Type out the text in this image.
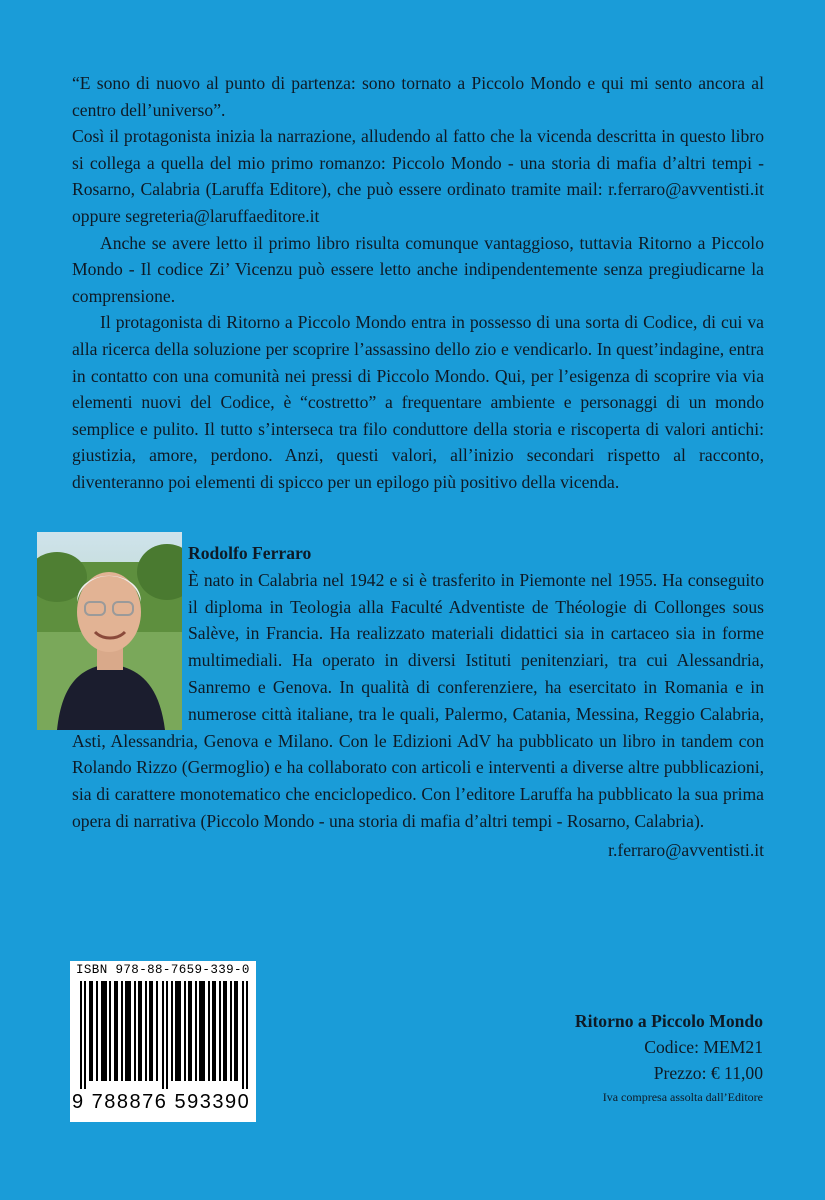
“E sono di nuovo al punto di partenza: sono tornato a Piccolo Mondo e qui mi sento ancora al centro dell’universo”.

Così il protagonista inizia la narrazione, alludendo al fatto che la vicenda descritta in questo libro si collega a quella del mio primo romanzo: Piccolo Mondo - una storia di mafia d’altri tempi - Rosarno, Calabria (Laruffa Editore), che può essere ordinato tramite mail: r.ferraro@avventisti.it oppure segreteria@laruffaeditore.it

Anche se avere letto il primo libro risulta comunque vantaggioso, tuttavia Ritorno a Piccolo Mondo - Il codice Zi’ Vicenzu può essere letto anche indipendentemente senza pregiudicarne la comprensione.

Il protagonista di Ritorno a Piccolo Mondo entra in possesso di una sorta di Codice, di cui va alla ricerca della soluzione per scoprire l’assassino dello zio e vendicarlo. In quest’indagine, entra in contatto con una comunità nei pressi di Piccolo Mondo. Qui, per l’esigenza di scoprire via via elementi nuovi del Codice, è “costretto” a frequentare ambiente e personaggi di un mondo semplice e pulito. Il tutto s’interseca tra filo conduttore della storia e riscoperta di valori antichi: giustizia, amore, perdono. Anzi, questi valori, all’inizio secondari rispetto al racconto, diventeranno poi elementi di spicco per un epilogo più positivo della vicenda.

Rodolfo Ferraro

È nato in Calabria nel 1942 e si è trasferito in Piemonte nel 1955. Ha conseguito il diploma in Teologia alla Faculté Adventiste de Théologie di Collonges sous Salève, in Francia. Ha realizzato materiali didattici sia in cartaceo sia in forme multimediali. Ha operato in diversi Istituti penitenziari, tra cui Alessandria, Sanremo e Genova. In qualità di conferenziere, ha esercitato in Romania e in numerose città italiane, tra le quali, Palermo, Catania, Messina, Reggio Calabria, Asti, Alessandria, Genova e Milano. Con le Edizioni AdV ha pubblicato un libro in tandem con Rolando Rizzo (Germoglio) e ha collaborato con articoli e interventi a diverse altre pubblicazioni, sia di carattere monotematico che enciclopedico. Con l’editore Laruffa ha pubblicato la sua prima opera di narrativa (Piccolo Mondo - una storia di mafia d’altri tempi - Rosarno, Calabria).

r.ferraro@avventisti.it

ISBN 978-88-7659-339-0
9 788876 593390
Ritorno a Piccolo Mondo
Codice: MEM21
Prezzo: € 11,00
Iva compresa assolta dall’Editore
